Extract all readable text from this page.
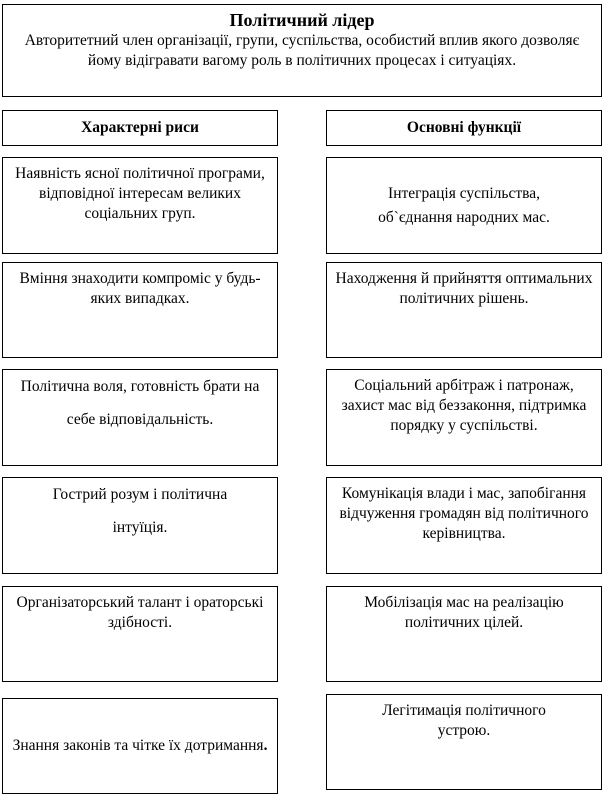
Політичний лідер
Авторитетний член організації, групи, суспільства, особистий вплив якого дозволяє йому відігравати вагому роль в політичних процесах і ситуаціях.
Характерні риси	Основні функції
Наявність ясної політичної програми, відповідної інтересам великих соціальних груп.
Вміння знаходити компроміс у будь-яких випадках.
Політична воля, готовність брати на себе відповідальність.
Гострий розум і політична інтуїція.
Організаторський талант і ораторські здібності.
Знання законів та чітке їх дотримання.
Інтеграція суспільства,
об`єднання народних мас.
Находження й прийняття оптимальних політичних рішень.
Соціальний арбітраж і патронаж, захист мас від беззаконня, підтримка порядку у суспільстві.
Комунікація влади і мас, запобігання відчуження громадян від політичного керівництва.
Мобілізація мас на реалізацію політичних цілей.
Легітимація політичного устрою.
